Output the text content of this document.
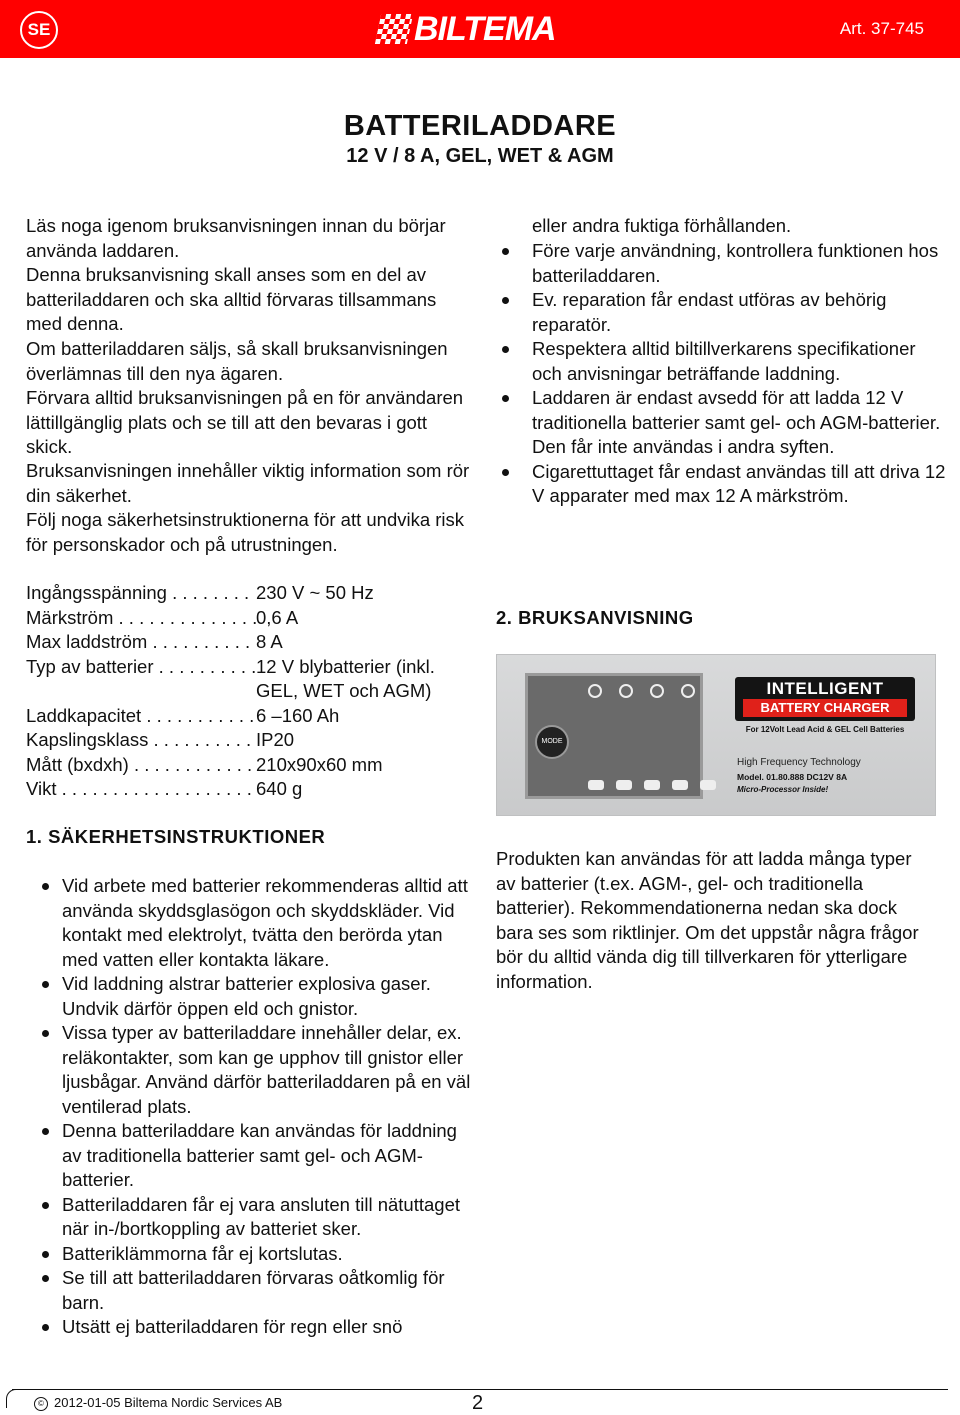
SE	BILTEMA	Art. 37-745
BATTERILADDARE
12 V / 8 A, GEL, WET & AGM

Läs noga igenom bruksanvisningen innan du börjar använda laddaren.

Denna bruksanvisning skall anses som en del av batteriladdaren och ska alltid förvaras tillsammans med denna.

Om batteriladdaren säljs, så skall bruksanvisningen överlämnas till den nya ägaren.

Förvara alltid bruksanvisningen på en för användaren lättillgänglig plats och se till att den bevaras i gott skick.

Bruksanvisningen innehåller viktig information som rör din säkerhet.

Följ noga säkerhetsinstruktionerna för att undvika risk för personskador och på utrustningen.

Ingångsspänning . . .	230 V ~ 50 Hz
Märkström . . .	0,6 A
Max laddström . . .	8 A
Typ av batterier . . .	12 V blybatterier (inkl.
GEL, WET och AGM)
Laddkapacitet . . .	6 –160 Ah
Kapslingsklass . . .	IP20
Mått (bxdxh) . . .	210x90x60 mm
Vikt . . .	640 g
1. SÄKERHETSINSTRUKTIONER
Vid arbete med batterier rekommenderas alltid att använda skyddsglasögon och skyddskläder. Vid kontakt med elektrolyt, tvätta den berörda ytan med vatten eller kontakta läkare.
Vid laddning alstrar batterier explosiva gaser. Undvik därför öppen eld och gnistor.
Vissa typer av batteriladdare innehåller delar, ex. reläkontakter, som kan ge upphov till gnistor eller ljusbågar. Använd därför batteriladdaren på en väl ventilerad plats.
Denna batteriladdare kan användas för laddning av traditionella batterier samt gel- och AGM-batterier.
Batteriladdaren får ej vara ansluten till nätuttaget när in-/bortkoppling av batteriet sker.
Batteriklämmorna får ej kortslutas.
Se till att batteriladdaren förvaras oåtkomlig för barn.
Utsätt ej batteriladdaren för regn eller snö

eller andra fuktiga förhållanden.

Före varje användning, kontrollera funktionen hos batteriladdaren.
Ev. reparation får endast utföras av behörig reparatör.
Respektera alltid biltillverkarens specifikationer och anvisningar beträffande laddning.
Laddaren är endast avsedd för att ladda 12 V traditionella batterier samt gel- och AGM-batterier. Den får inte användas i andra syften.
Cigarettuttaget får endast användas till att driva 12 V apparater med max 12 A märkström.
2. BRUKSANVISNING
MODE
INTELLIGENT
BATTERY CHARGER
For 12Volt Lead Acid & GEL Cell Batteries
High Frequency Technology
Model. 01.80.888 DC12V 8A
Micro-Processor Inside!

Produkten kan användas för att ladda många typer av batterier (t.ex. AGM-, gel- och traditionella batterier). Rekommendationerna nedan ska dock bara ses som riktlinjer. Om det uppstår några frågor bör du alltid vända dig till tillverkaren för ytterligare information.

© 2012-01-05 Biltema Nordic Services AB	2
